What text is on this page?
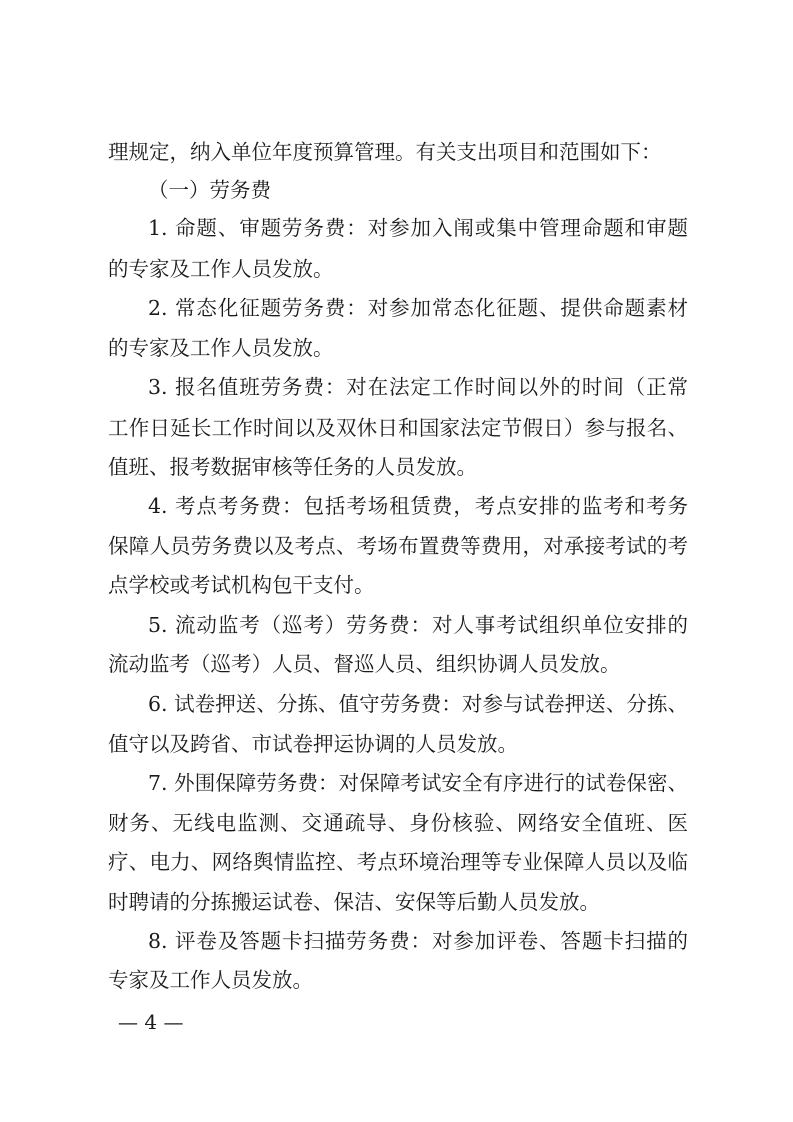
理规定，纳入单位年度预算管理。有关支出项目和范围如下：
（一）劳务费
1. 命题、审题劳务费：对参加入闱或集中管理命题和审题
的专家及工作人员发放。
2. 常态化征题劳务费：对参加常态化征题、提供命题素材
的专家及工作人员发放。
3. 报名值班劳务费：对在法定工作时间以外的时间（正常
工作日延长工作时间以及双休日和国家法定节假日）参与报名、
值班、报考数据审核等任务的人员发放。
4. 考点考务费：包括考场租赁费，考点安排的监考和考务
保障人员劳务费以及考点、考场布置费等费用，对承接考试的考
点学校或考试机构包干支付。
5. 流动监考（巡考）劳务费：对人事考试组织单位安排的
流动监考（巡考）人员、督巡人员、组织协调人员发放。
6. 试卷押送、分拣、值守劳务费：对参与试卷押送、分拣、
值守以及跨省、市试卷押运协调的人员发放。
7. 外围保障劳务费：对保障考试安全有序进行的试卷保密、
财务、无线电监测、交通疏导、身份核验、网络安全值班、医
疗、电力、网络舆情监控、考点环境治理等专业保障人员以及临
时聘请的分拣搬运试卷、保洁、安保等后勤人员发放。
8. 评卷及答题卡扫描劳务费：对参加评卷、答题卡扫描的
专家及工作人员发放。
— 4 —
